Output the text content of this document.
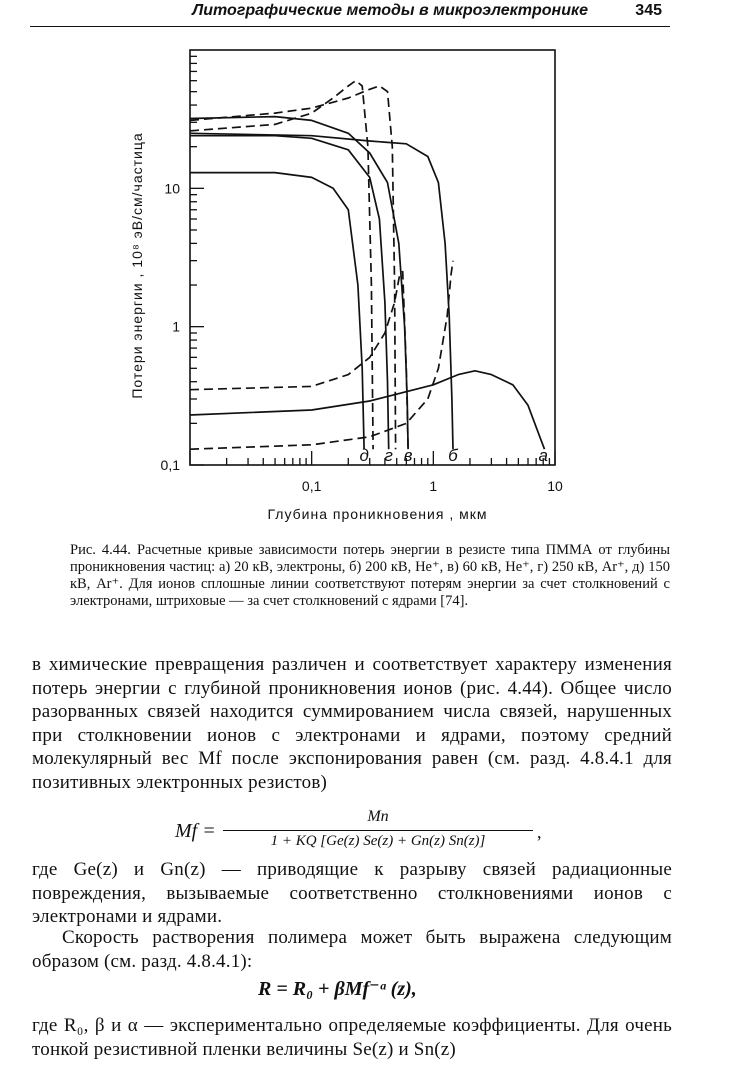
Литографические методы в микроэлектронике	345
0,1	1	10
0,1
1
10
Глубина проникновения , мкм
Потери энергии , 10⁸ эВ/см/частица
д г в б	а
Рис. 4.44. Расчетные кривые зависимости потерь энергии в резисте типа ПММА от глубины проникновения частиц: а) 20 кВ, электроны, б) 200 кВ, He⁺, в) 60 кВ, He⁺, г) 250 кВ, Ar⁺, д) 150 кВ, Ar⁺. Для ионов сплошные линии соответствуют потерям энергии за счет столкновений с электронами, штриховые — за счет столкновений с ядрами [74].
в химические превращения различен и соответствует характеру изменения потерь энергии с глубиной проникновения ионов (рис. 4.44). Общее число разорванных связей находится суммированием числа связей, нарушенных при столкновении ионов с электронами и ядрами, поэтому средний молекулярный вес Mf после экспонирования равен (см. разд. 4.8.4.1 для позитивных электронных резистов)
Mf =
Mn
1 + KQ [Ge(z) Se(z) + Gn(z) Sn(z)]	,
где Ge(z) и Gn(z) — приводящие к разрыву связей радиационные повреждения, вызываемые соответственно столкновениями ионов с электронами и ядрами.
Скорость растворения полимера может быть выражена следующим образом (см. разд. 4.8.4.1):
R = R₀ + βMf⁻ᵅ (z),
где R₀, β и α — экспериментально определяемые коэффициенты. Для очень тонкой резистивной пленки величины Se(z) и Sn(z)
